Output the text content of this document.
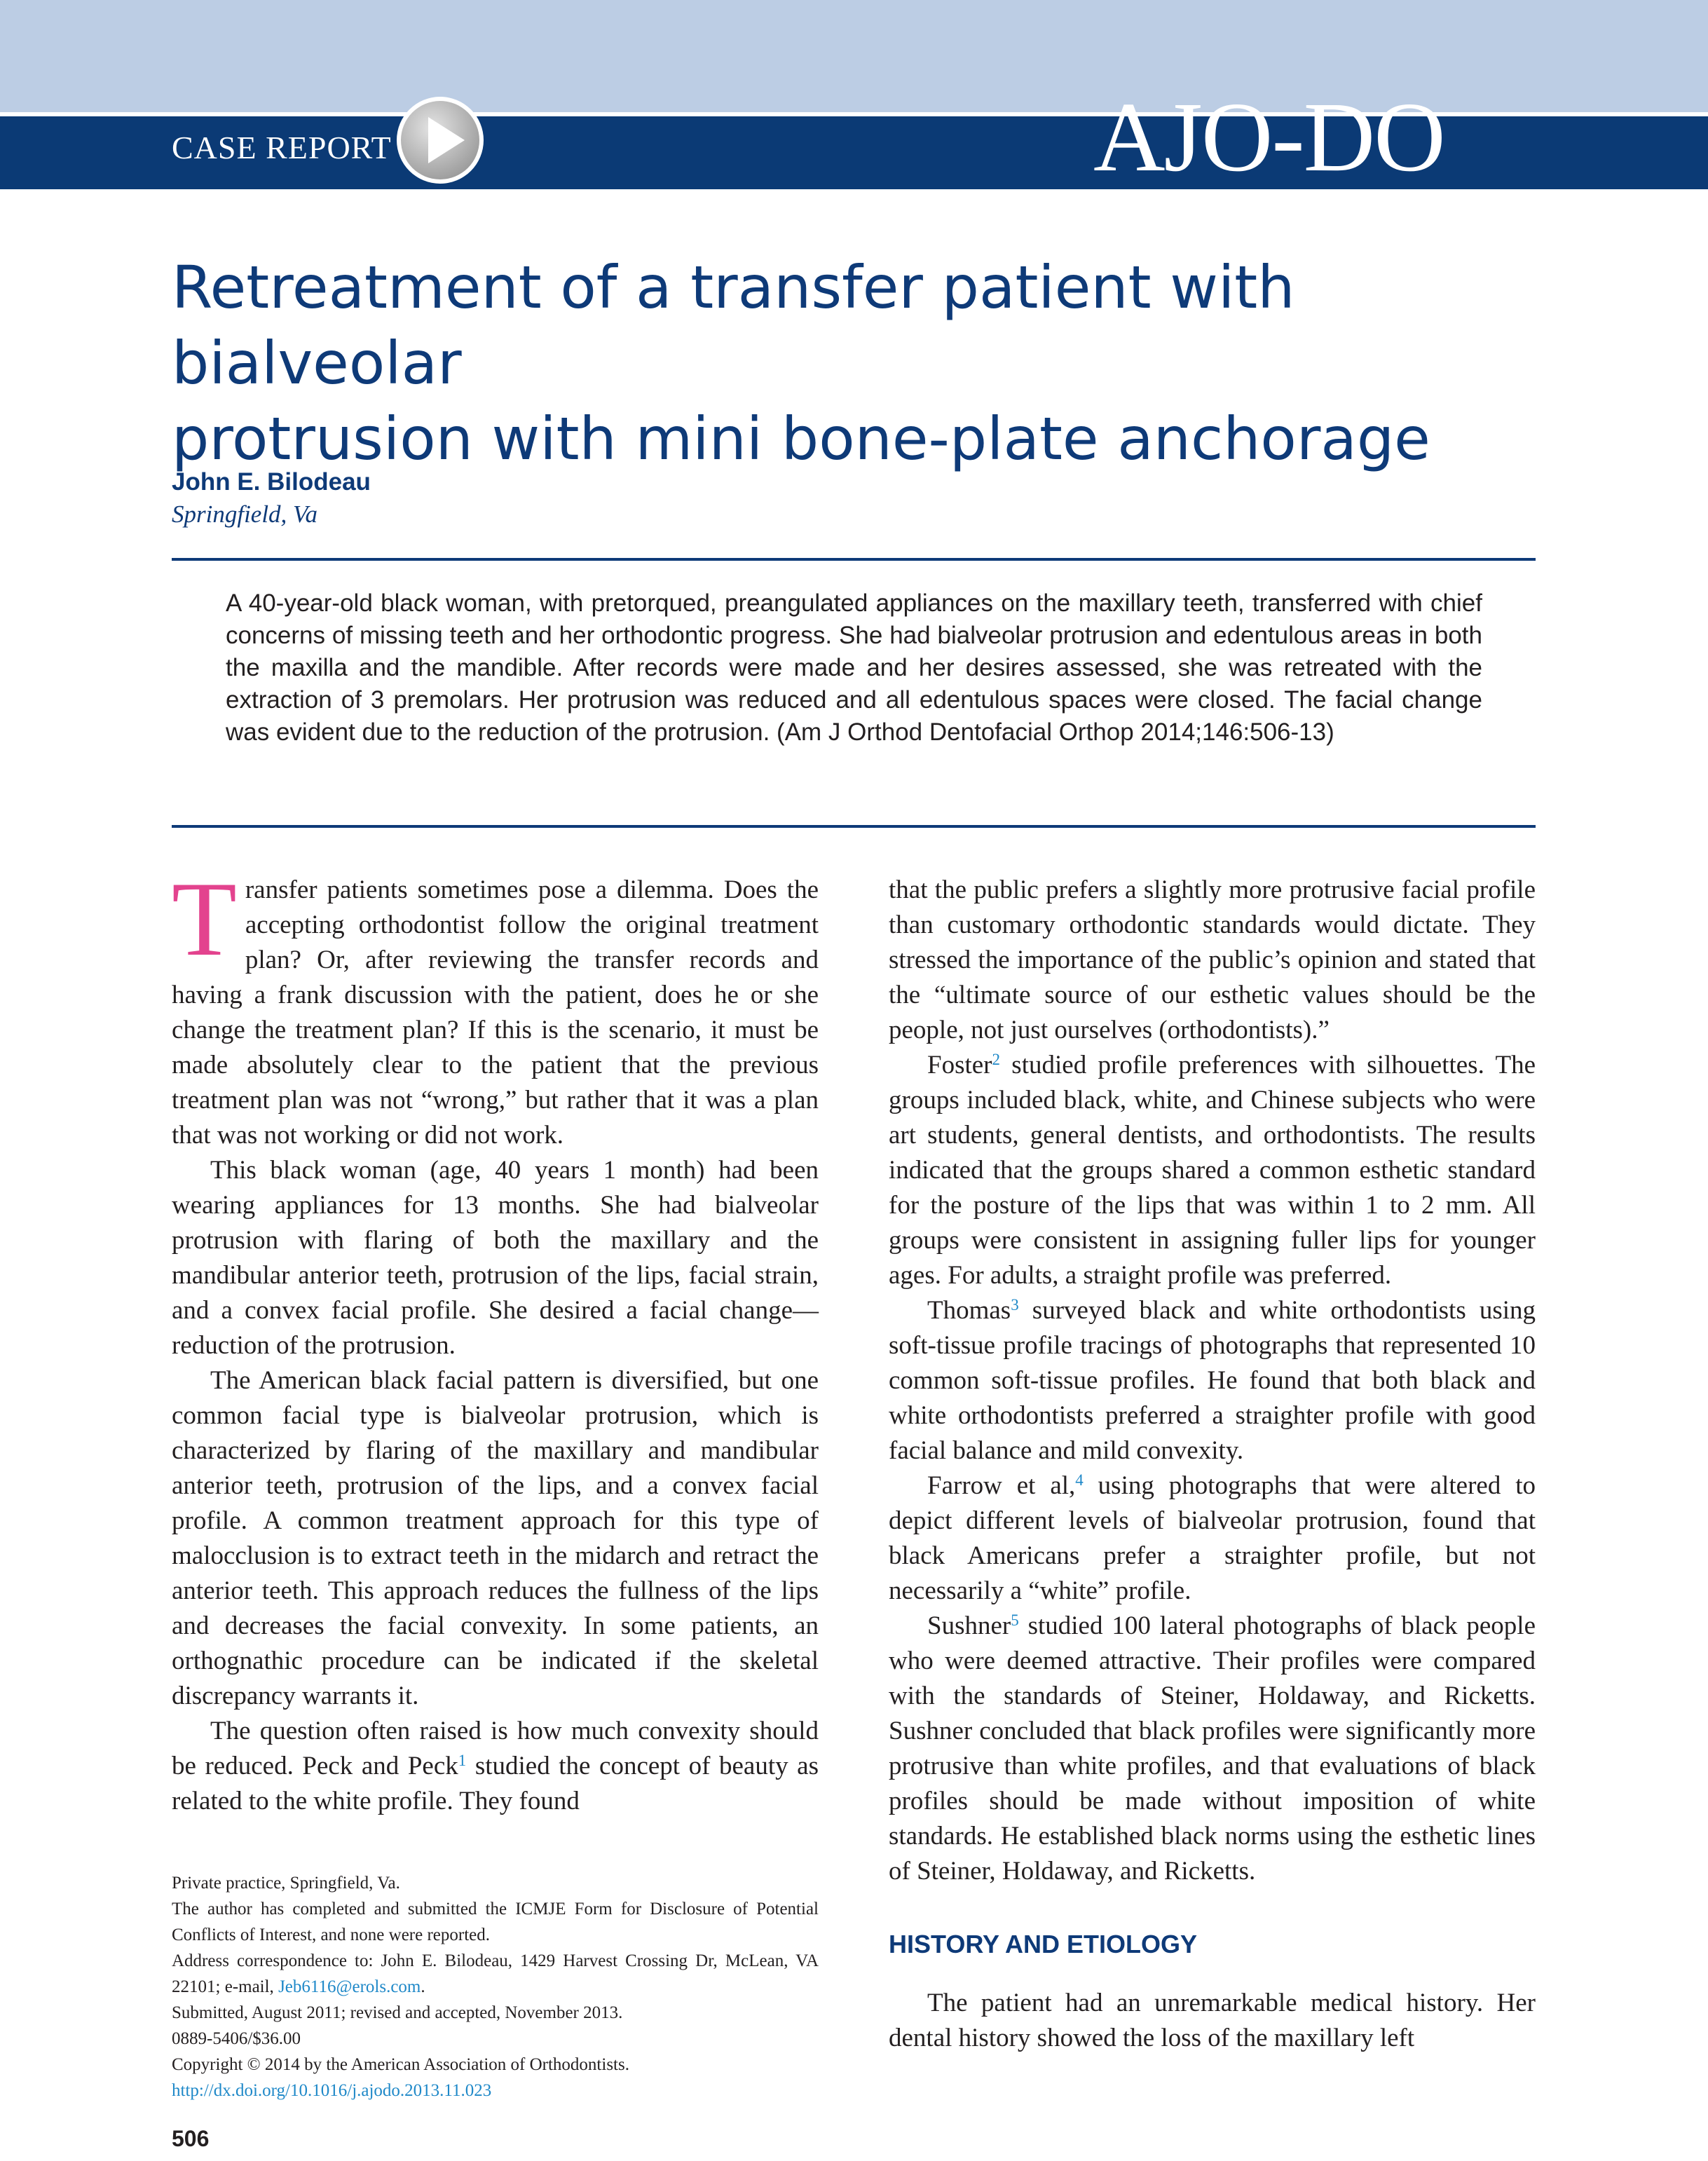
CASE REPORT	AJO-DO
Retreatment of a transfer patient with bialveolar
protrusion with mini bone-plate anchorage
John E. Bilodeau
Springfield, Va

A 40-year-old black woman, with pretorqued, preangulated appliances on the maxillary teeth, transferred with chief concerns of missing teeth and her orthodontic progress. She had bialveolar protrusion and edentulous areas in both the maxilla and the mandible. After records were made and her desires assessed, she was retreated with the extraction of 3 premolars. Her protrusion was reduced and all edentulous spaces were closed. The facial change was evident due to the reduction of the protrusion. (Am J Orthod Dentofacial Orthop 2014;146:506-13)

Transfer patients sometimes pose a dilemma. Does the accepting orthodontist follow the original treatment plan? Or, after reviewing the transfer records and having a frank discussion with the patient, does he or she change the treatment plan? If this is the scenario, it must be made absolutely clear to the patient that the previous treatment plan was not “wrong,” but rather that it was a plan that was not working or did not work.

This black woman (age, 40 years 1 month) had been wearing appliances for 13 months. She had bialveolar protrusion with flaring of both the maxillary and the mandibular anterior teeth, protrusion of the lips, facial strain, and a convex facial profile. She desired a facial change—reduction of the protrusion.

The American black facial pattern is diversified, but one common facial type is bialveolar protrusion, which is characterized by flaring of the maxillary and mandibular anterior teeth, protrusion of the lips, and a convex facial profile. A common treatment approach for this type of malocclusion is to extract teeth in the midarch and retract the anterior teeth. This approach reduces the fullness of the lips and decreases the facial convexity. In some patients, an orthognathic procedure can be indicated if the skeletal discrepancy warrants it.

The question often raised is how much convexity should be reduced. Peck and Peck$^1$ studied the concept of beauty as related to the white profile. They found

that the public prefers a slightly more protrusive facial profile than customary orthodontic standards would dictate. They stressed the importance of the public’s opinion and stated that the “ultimate source of our esthetic values should be the people, not just ourselves (orthodontists).”

Foster$^2$ studied profile preferences with silhouettes. The groups included black, white, and Chinese subjects who were art students, general dentists, and orthodontists. The results indicated that the groups shared a common esthetic standard for the posture of the lips that was within 1 to 2 mm. All groups were consistent in assigning fuller lips for younger ages. For adults, a straight profile was preferred.

Thomas$^3$ surveyed black and white orthodontists using soft-tissue profile tracings of photographs that represented 10 common soft-tissue profiles. He found that both black and white orthodontists preferred a straighter profile with good facial balance and mild convexity.

Farrow et al,$^4$ using photographs that were altered to depict different levels of bialveolar protrusion, found that black Americans prefer a straighter profile, but not necessarily a “white” profile.

Sushner$^5$ studied 100 lateral photographs of black people who were deemed attractive. Their profiles were compared with the standards of Steiner, Holdaway, and Ricketts. Sushner concluded that black profiles were significantly more protrusive than white profiles, and that evaluations of black profiles should be made without imposition of white standards. He established black norms using the esthetic lines of Steiner, Holdaway, and Ricketts.

HISTORY AND ETIOLOGY

The patient had an unremarkable medical history. Her dental history showed the loss of the maxillary left

Private practice, Springfield, Va.

The author has completed and submitted the ICMJE Form for Disclosure of Potential Conflicts of Interest, and none were reported.

Address correspondence to: John E. Bilodeau, 1429 Harvest Crossing Dr, McLean, VA 22101; e-mail, Jeb6116@erols.com.

Submitted, August 2011; revised and accepted, November 2013.

0889-5406/$36.00

Copyright © 2014 by the American Association of Orthodontists.

http://dx.doi.org/10.1016/j.ajodo.2013.11.023

506
